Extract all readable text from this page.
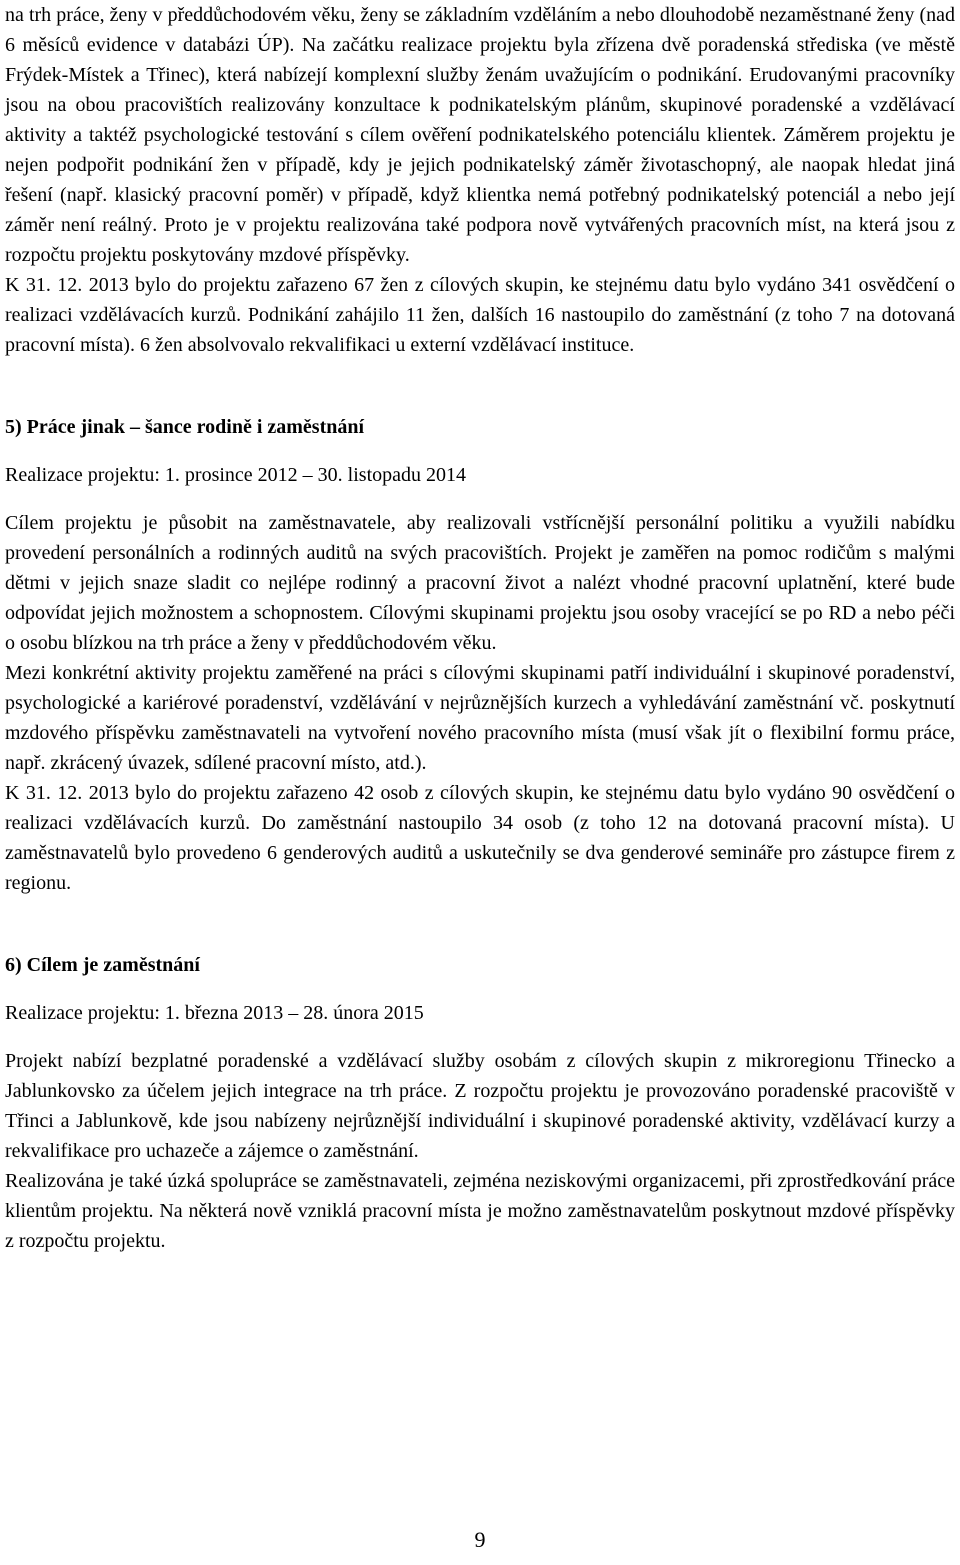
na trh práce, ženy v předdůchodovém věku, ženy se základním vzděláním a nebo dlouhodobě nezaměstnané ženy (nad 6 měsíců evidence v databázi ÚP). Na začátku realizace projektu byla zřízena dvě poradenská střediska (ve městě Frýdek-Místek a Třinec), která nabízejí komplexní služby ženám uvažujícím o podnikání. Erudovanými pracovníky jsou na obou pracovištích realizovány konzultace k podnikatelským plánům, skupinové poradenské a vzdělávací aktivity a taktéž psychologické testování s cílem ověření podnikatelského potenciálu klientek. Záměrem projektu je nejen podpořit podnikání žen v případě, kdy je jejich podnikatelský záměr životaschopný, ale naopak hledat jiná řešení (např. klasický pracovní poměr) v případě, když klientka nemá potřebný podnikatelský potenciál a nebo její záměr není reálný. Proto je v projektu realizována také podpora nově vytvářených pracovních míst, na která jsou z rozpočtu projektu poskytovány mzdové příspěvky.

K 31. 12. 2013 bylo do projektu zařazeno 67 žen z cílových skupin, ke stejnému datu bylo vydáno 341 osvědčení o realizaci vzdělávacích kurzů. Podnikání zahájilo 11 žen, dalších 16 nastoupilo do zaměstnání (z toho 7 na dotovaná pracovní místa). 6 žen absolvovalo rekvalifikaci u externí vzdělávací instituce.

5) Práce jinak – šance rodině i zaměstnání

Realizace projektu: 1. prosince 2012 – 30. listopadu 2014

Cílem projektu je působit na zaměstnavatele, aby realizovali vstřícnější personální politiku a využili nabídku provedení personálních a rodinných auditů na svých pracovištích. Projekt je zaměřen na pomoc rodičům s malými dětmi v jejich snaze sladit co nejlépe rodinný a pracovní život a nalézt vhodné pracovní uplatnění, které bude odpovídat jejich možnostem a schopnostem. Cílovými skupinami projektu jsou osoby vracející se po RD a nebo péči o osobu blízkou na trh práce a ženy v předdůchodovém věku.

Mezi konkrétní aktivity projektu zaměřené na práci s cílovými skupinami patří individuální i skupinové poradenství, psychologické a kariérové poradenství, vzdělávání v nejrůznějších kurzech a vyhledávání zaměstnání vč. poskytnutí mzdového příspěvku zaměstnavateli na vytvoření nového pracovního místa (musí však jít o flexibilní formu práce, např. zkrácený úvazek, sdílené pracovní místo, atd.).

K 31. 12. 2013 bylo do projektu zařazeno 42 osob z cílových skupin, ke stejnému datu bylo vydáno 90 osvědčení o realizaci vzdělávacích kurzů. Do zaměstnání nastoupilo 34 osob (z toho 12 na dotovaná pracovní místa). U zaměstnavatelů bylo provedeno 6 genderových auditů a uskutečnily se dva genderové semináře pro zástupce firem z regionu.

6) Cílem je zaměstnání

Realizace projektu: 1. března 2013 – 28. února 2015

Projekt nabízí bezplatné poradenské a vzdělávací služby osobám z cílových skupin z mikroregionu Třinecko a Jablunkovsko za účelem jejich integrace na trh práce. Z rozpočtu projektu je provozováno poradenské pracoviště v Třinci a Jablunkově, kde jsou nabízeny nejrůznější individuální i skupinové poradenské aktivity, vzdělávací kurzy a rekvalifikace pro uchazeče a zájemce o zaměstnání.

Realizována je také úzká spolupráce se zaměstnavateli, zejména neziskovými organizacemi, při zprostředkování práce klientům projektu. Na některá nově vzniklá pracovní místa je možno zaměstnavatelům poskytnout mzdové příspěvky z rozpočtu projektu.

9
